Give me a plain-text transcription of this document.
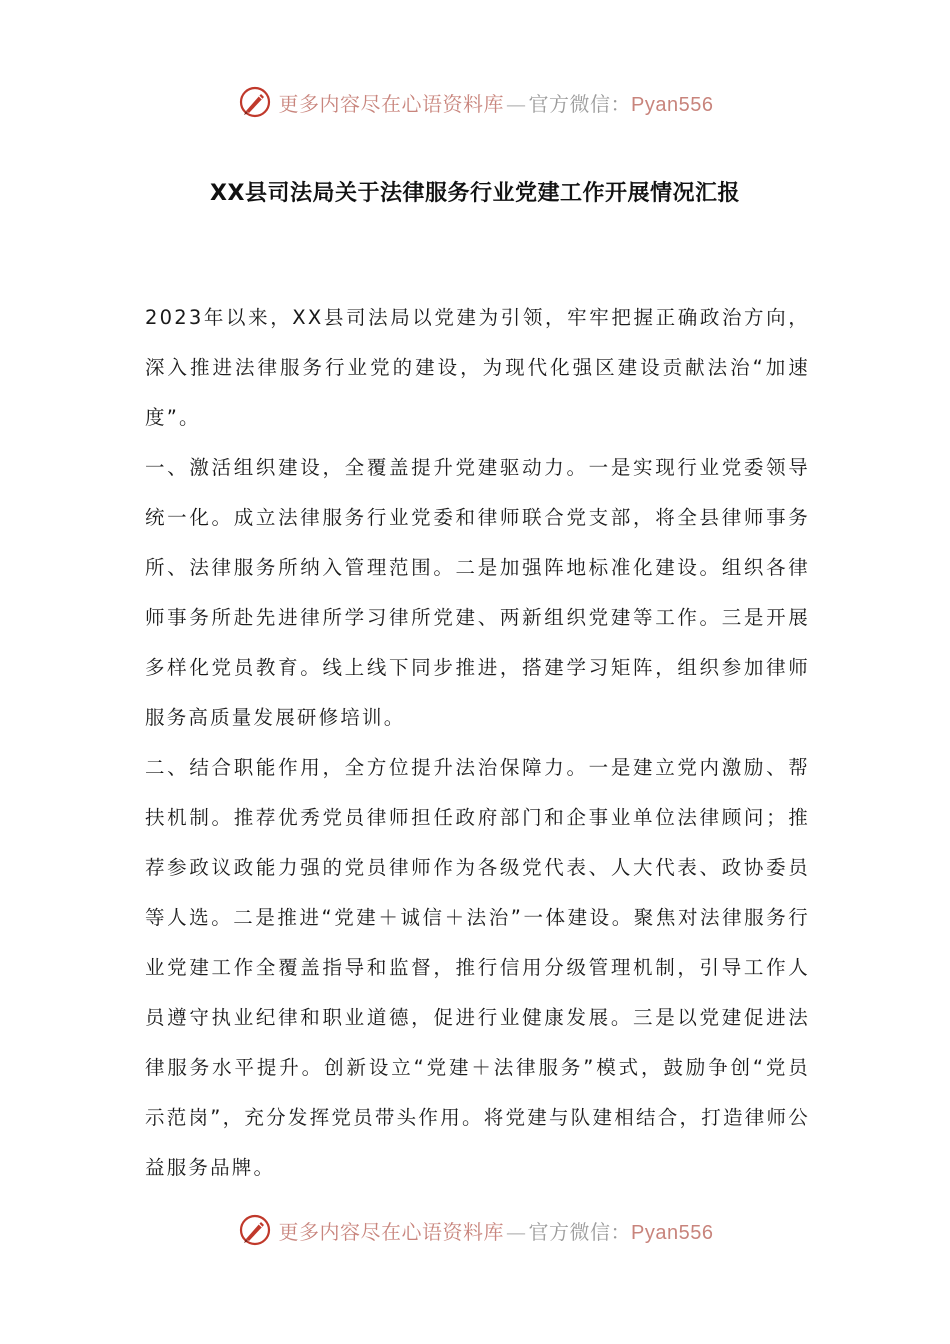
更多内容尽在心语资料库 — 官方微信：Pyan556
XX县司法局关于法律服务行业党建工作开展情况汇报

2023年以来，XX县司法局以党建为引领，牢牢把握正确政治方向，深入推进法律服务行业党的建设，为现代化强区建设贡献法治“加速度”。

一、激活组织建设，全覆盖提升党建驱动力。一是实现行业党委领导统一化。成立法律服务行业党委和律师联合党支部，将全县律师事务所、法律服务所纳入管理范围。二是加强阵地标准化建设。组织各律师事务所赴先进律所学习律所党建、两新组织党建等工作。三是开展多样化党员教育。线上线下同步推进，搭建学习矩阵，组织参加律师服务高质量发展研修培训。

二、结合职能作用，全方位提升法治保障力。一是建立党内激励、帮扶机制。推荐优秀党员律师担任政府部门和企事业单位法律顾问；推荐参政议政能力强的党员律师作为各级党代表、人大代表、政协委员等人选。二是推进“党建＋诚信＋法治”一体建设。聚焦对法律服务行业党建工作全覆盖指导和监督，推行信用分级管理机制，引导工作人员遵守执业纪律和职业道德，促进行业健康发展。三是以党建促进法律服务水平提升。创新设立“党建＋法律服务”模式，鼓励争创“党员示范岗”，充分发挥党员带头作用。将党建与队建相结合，打造律师公益服务品牌。

更多内容尽在心语资料库 — 官方微信：Pyan556
